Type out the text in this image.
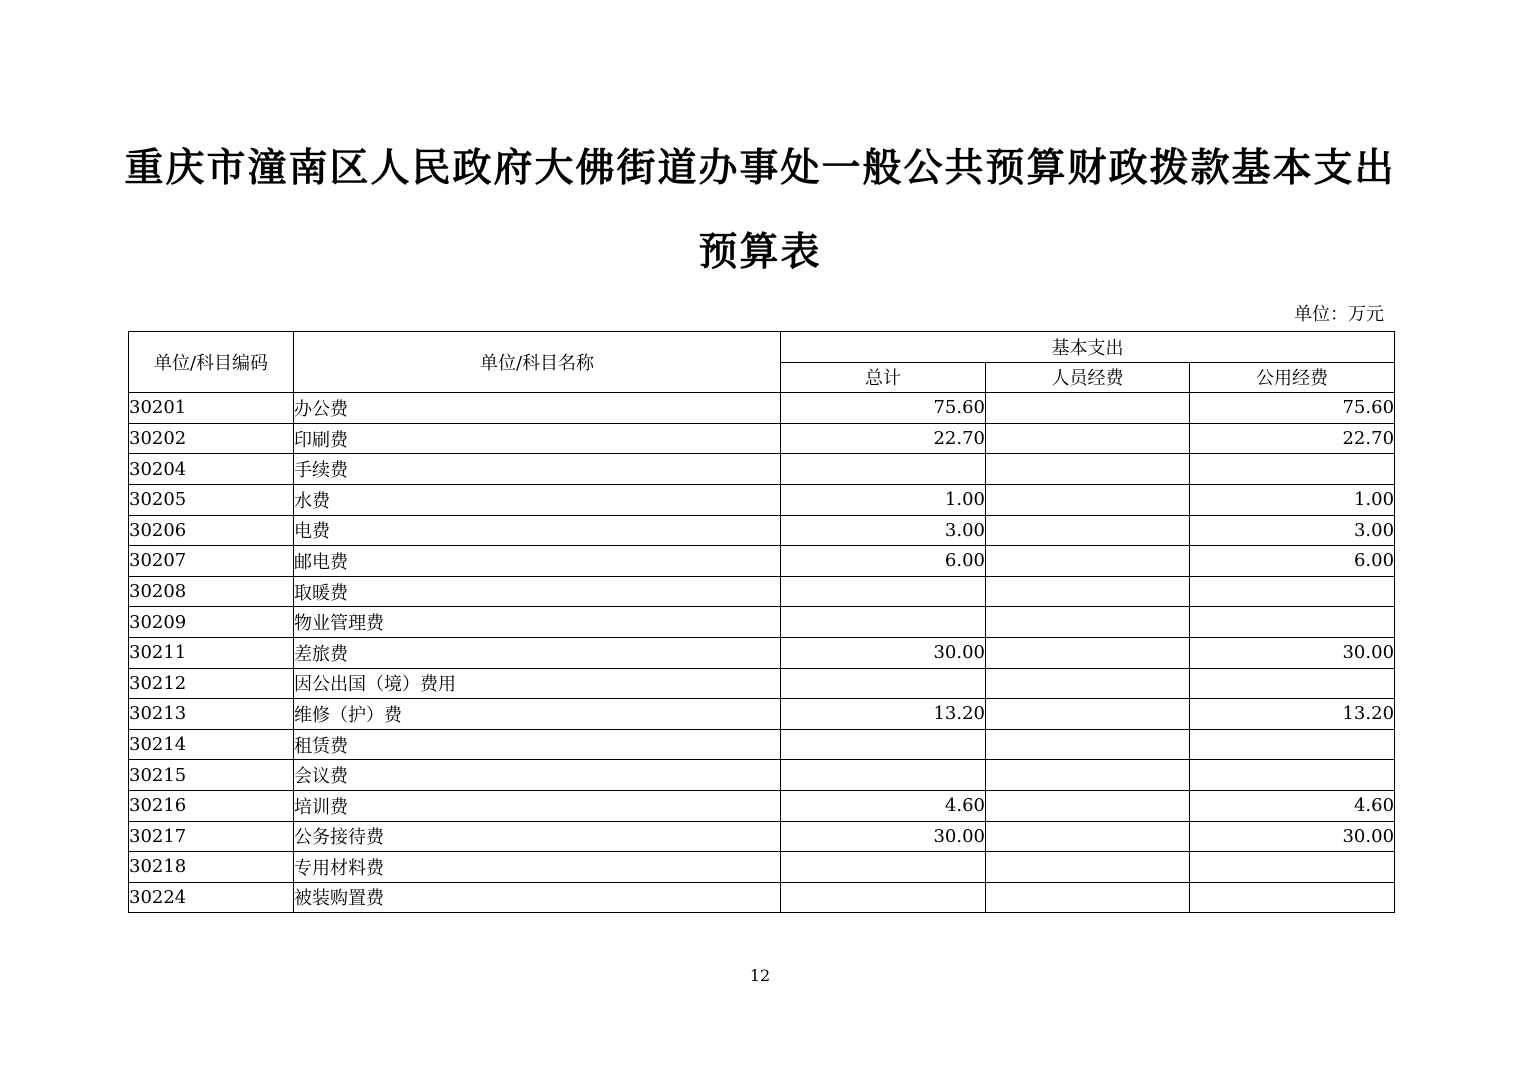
重庆市潼南区人民政府大佛街道办事处一般公共预算财政拨款基本支出
预算表
单位：万元
单位/科目编码	单位/科目名称	基本支出		
		总计	人员经费	公用经费
30201	办公费	75.60		75.60
30202	印刷费	22.70		22.70
30204	手续费			
30205	水费	1.00		1.00
30206	电费	3.00		3.00
30207	邮电费	6.00		6.00
30208	取暖费			
30209	物业管理费			
30211	差旅费	30.00		30.00
30212	因公出国（境）费用			
30213	维修（护）费	13.20		13.20
30214	租赁费			
30215	会议费			
30216	培训费	4.60		4.60
30217	公务接待费	30.00		30.00
30218	专用材料费			
30224	被装购置费			
12
